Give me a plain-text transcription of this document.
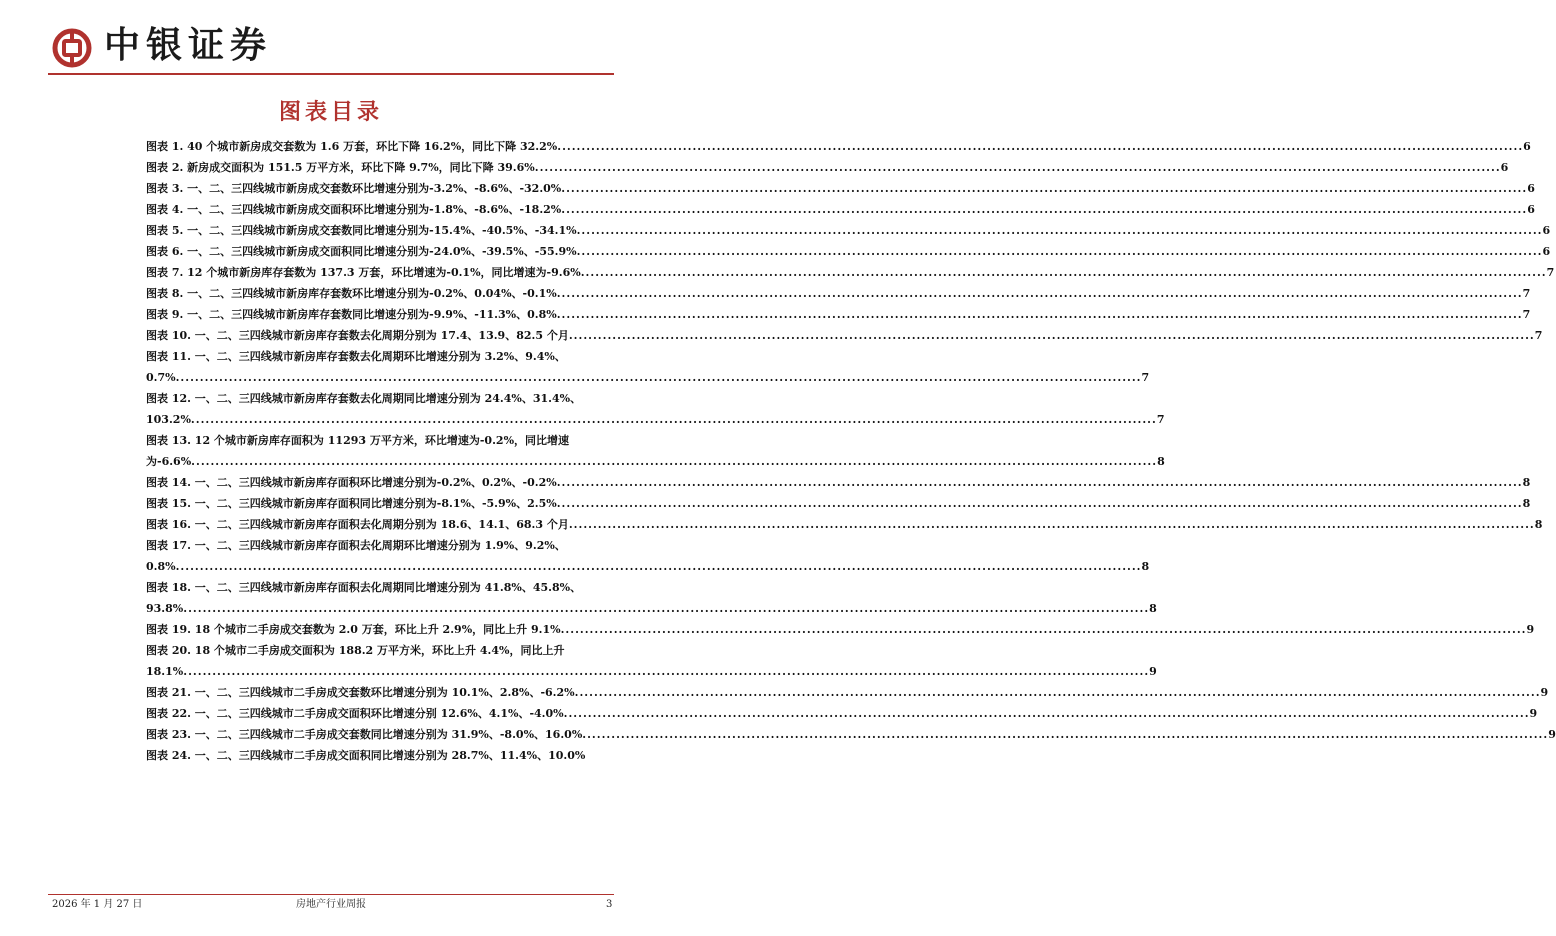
中银证券
图表目录
图表 1. 40 个城市新房成交套数为 1.6 万套，环比下降 16.2%，同比下降 32.2% .....	6
图表 2. 新房成交面积为 151.5 万平方米，环比下降 9.7%，同比下降 39.6% .....	6
图表 3. 一、二、三四线城市新房成交套数环比增速分别为-3.2%、-8.6%、-32.0% .....	6
图表 4. 一、二、三四线城市新房成交面积环比增速分别为-1.8%、-8.6%、-18.2% .....	6
图表 5. 一、二、三四线城市新房成交套数同比增速分别为-15.4%、-40.5%、-34.1% .....	6
图表 6. 一、二、三四线城市新房成交面积同比增速分别为-24.0%、-39.5%、-55.9% .....	6
图表 7. 12 个城市新房库存套数为 137.3 万套，环比增速为-0.1%，同比增速为-9.6% .....	7
图表 8. 一、二、三四线城市新房库存套数环比增速分别为-0.2%、0.04%、-0.1% .....	7
图表 9. 一、二、三四线城市新房库存套数同比增速分别为-9.9%、-11.3%、0.8% .....	7
图表 10. 一、二、三四线城市新房库存套数去化周期分别为 17.4、13.9、82.5 个月 .....	7
图表 11. 一、二、三四线城市新房库存套数去化周期环比增速分别为 3.2%、9.4%、
0.7% .....	7
图表 12. 一、二、三四线城市新房库存套数去化周期同比增速分别为 24.4%、31.4%、
103.2% .....	7
图表 13. 12 个城市新房库存面积为 11293 万平方米，环比增速为-0.2%，同比增速
为-6.6% .....	8
图表 14. 一、二、三四线城市新房库存面积环比增速分别为-0.2%、0.2%、-0.2% .....	8
图表 15. 一、二、三四线城市新房库存面积同比增速分别为-8.1%、-5.9%、2.5% .....	8
图表 16. 一、二、三四线城市新房库存面积去化周期分别为 18.6、14.1、68.3 个月 .....	8
图表 17. 一、二、三四线城市新房库存面积去化周期环比增速分别为 1.9%、9.2%、
0.8% .....	8
图表 18. 一、二、三四线城市新房库存面积去化周期同比增速分别为 41.8%、45.8%、
93.8% .....	8
图表 19. 18 个城市二手房成交套数为 2.0 万套，环比上升 2.9%，同比上升 9.1% .....	9
图表 20. 18 个城市二手房成交面积为 188.2 万平方米，环比上升 4.4%，同比上升
18.1% .....	9
图表 21. 一、二、三四线城市二手房成交套数环比增速分别为 10.1%、2.8%、-6.2% .....	9
图表 22. 一、二、三四线城市二手房成交面积环比增速分别 12.6%、4.1%、-4.0% .....	9
图表 23. 一、二、三四线城市二手房成交套数同比增速分别为 31.9%、-8.0%、16.0% .....	9
图表 24. 一、二、三四线城市二手房成交面积同比增速分别为 28.7%、11.4%、10.0%
2026 年 1 月 27 日	房地产行业周报	3
